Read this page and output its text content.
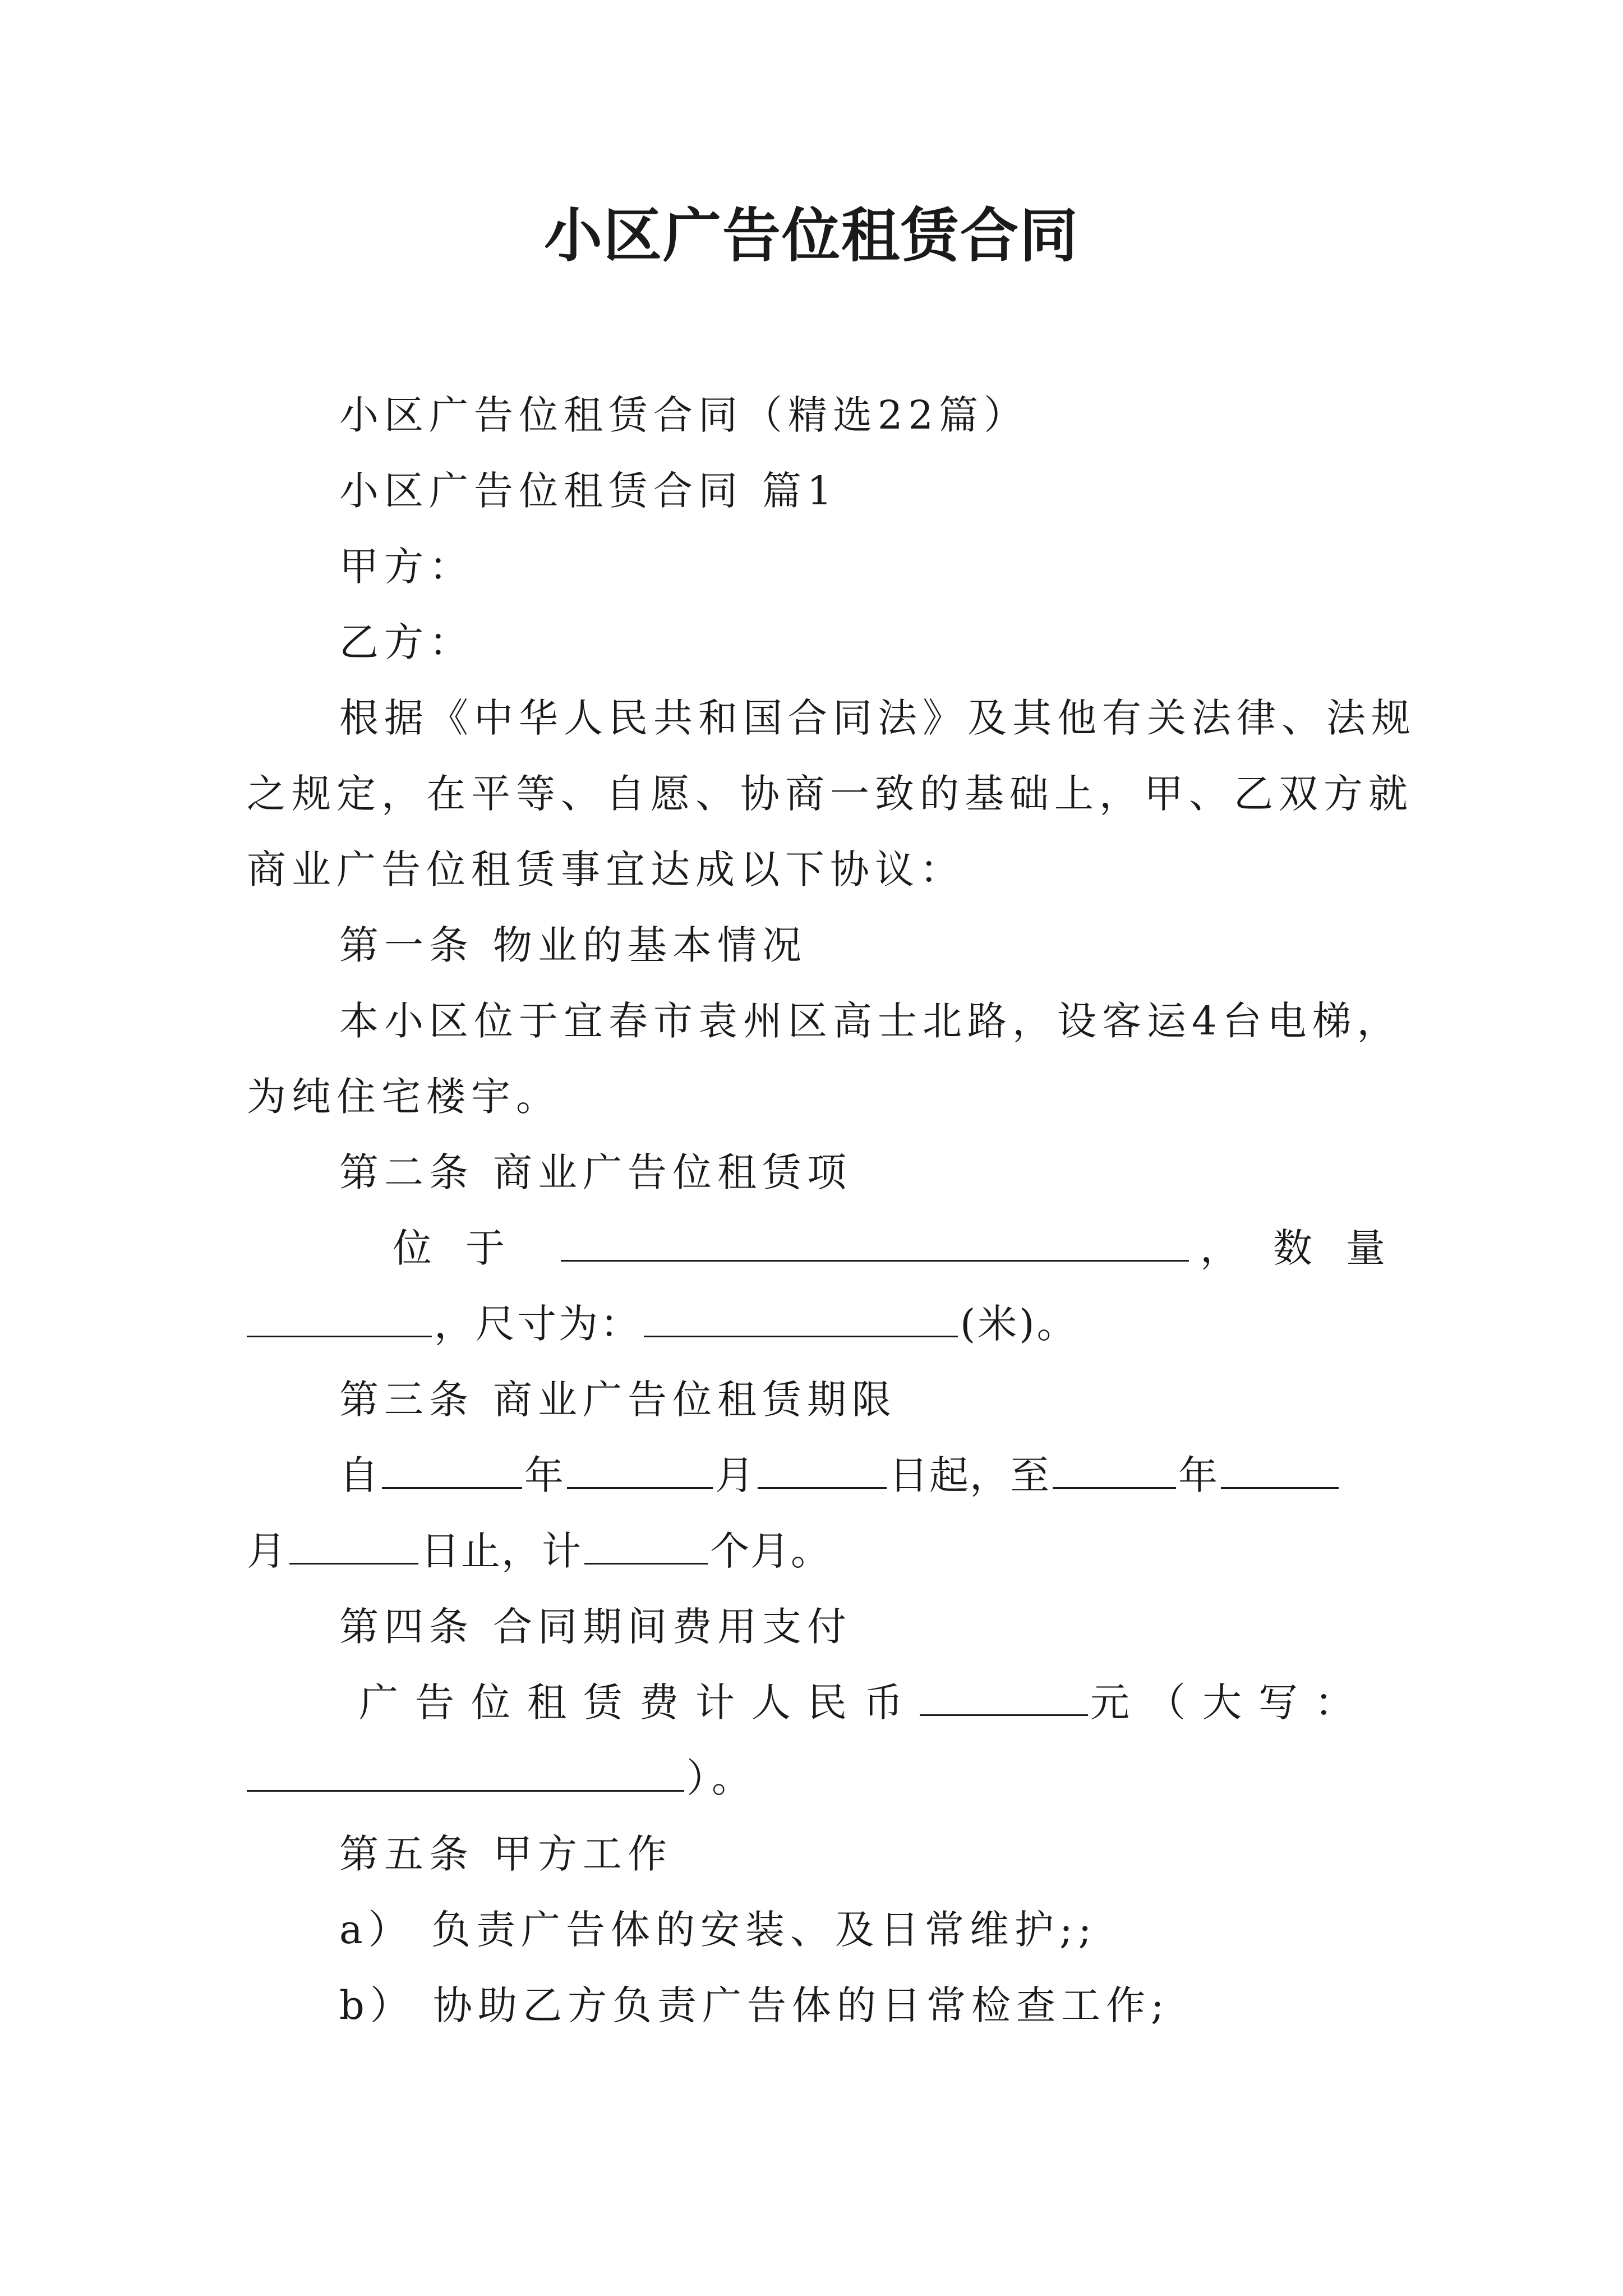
小区广告位租赁合同
小区广告位租赁合同（精选22篇）
小区广告位租赁合同 篇1
甲方：
乙方：
根据《中华人民共和国合同法》及其他有关法律、法规
之规定，在平等、自愿、协商一致的基础上，甲、乙双方就
商业广告位租赁事宜达成以下协议：
第一条 物业的基本情况
本小区位于宜春市袁州区高士北路，设客运4台电梯，
为纯住宅楼宇。
第二条 商业广告位租赁项
位于	，数量
，尺寸为：	(米)。
第三条 商业广告位租赁期限
自	年	月	日起，至	年
月	日止，计	个月。
第四条 合同期间费用支付
广告位租赁费计人民币	元（大写：
）。
第五条 甲方工作
a） 负责广告体的安装、及日常维护;;
b） 协助乙方负责广告体的日常检查工作;
